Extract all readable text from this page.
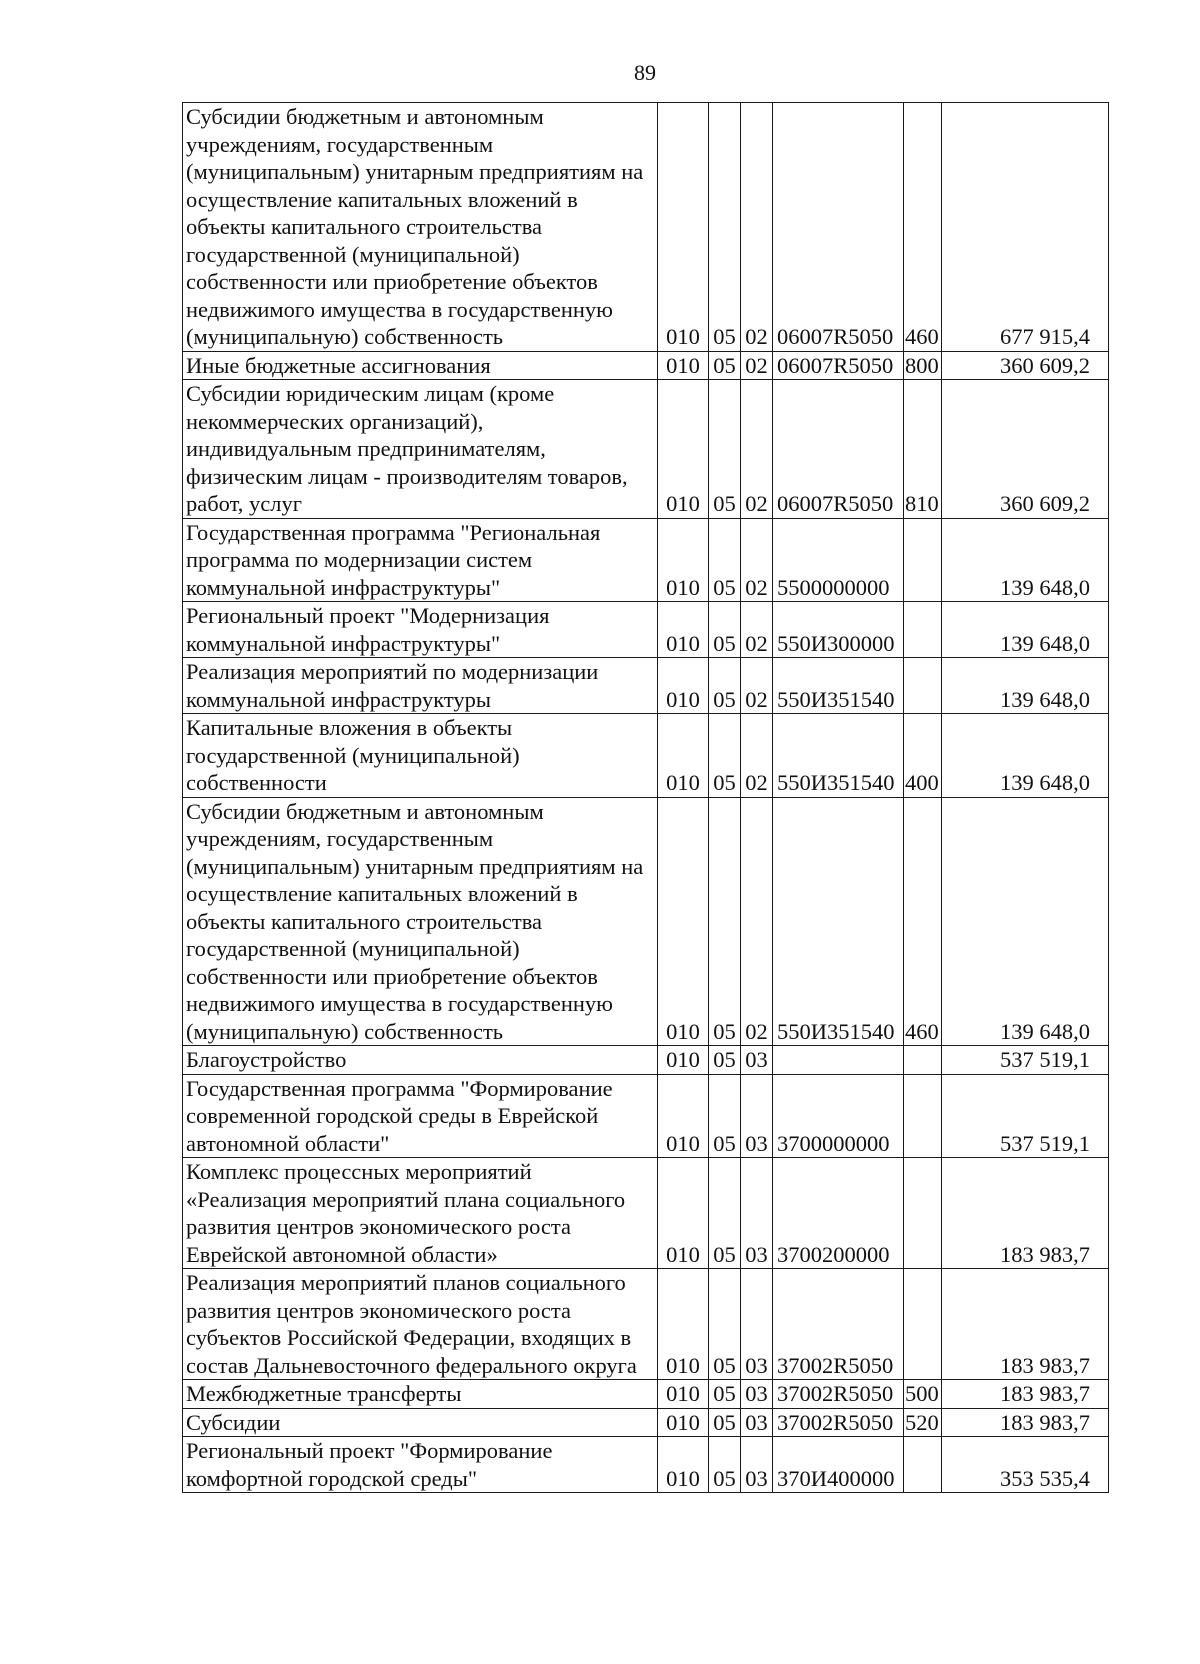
89
Субсидии бюджетным и автономным учреждениям, государственным (муниципальным) унитарным предприятиям на осуществление капитальных вложений в объекты капитального строительства государственной (муниципальной) собственности или приобретение объектов недвижимого имущества в государственную (муниципальную) собственность	010	05	02	06007R5050	460	677 915,4
Иные бюджетные ассигнования	010	05	02	06007R5050	800	360 609,2
Субсидии юридическим лицам (кроме некоммерческих организаций), индивидуальным предпринимателям, физическим лицам - производителям товаров, работ, услуг	010	05	02	06007R5050	810	360 609,2
Государственная программа "Региональная программа по модернизации систем коммунальной инфраструктуры"	010	05	02	5500000000		139 648,0
Региональный проект "Модернизация коммунальной инфраструктуры"	010	05	02	550И300000		139 648,0
Реализация мероприятий по модернизации коммунальной инфраструктуры	010	05	02	550И351540		139 648,0
Капитальные вложения в объекты государственной (муниципальной) собственности	010	05	02	550И351540	400	139 648,0
Субсидии бюджетным и автономным учреждениям, государственным (муниципальным) унитарным предприятиям на осуществление капитальных вложений в объекты капитального строительства государственной (муниципальной) собственности или приобретение объектов недвижимого имущества в государственную (муниципальную) собственность	010	05	02	550И351540	460	139 648,0
Благоустройство	010	05	03			537 519,1
Государственная программа "Формирование современной городской среды в Еврейской автономной области"	010	05	03	3700000000		537 519,1
Комплекс процессных мероприятий «Реализация мероприятий плана социального развития центров экономического роста Еврейской автономной области»	010	05	03	3700200000		183 983,7
Реализация мероприятий планов социального развития центров экономического роста субъектов Российской Федерации, входящих в состав Дальневосточного федерального округа	010	05	03	37002R5050		183 983,7
Межбюджетные трансферты	010	05	03	37002R5050	500	183 983,7
Субсидии	010	05	03	37002R5050	520	183 983,7
Региональный проект "Формирование комфортной городской среды"	010	05	03	370И400000		353 535,4
